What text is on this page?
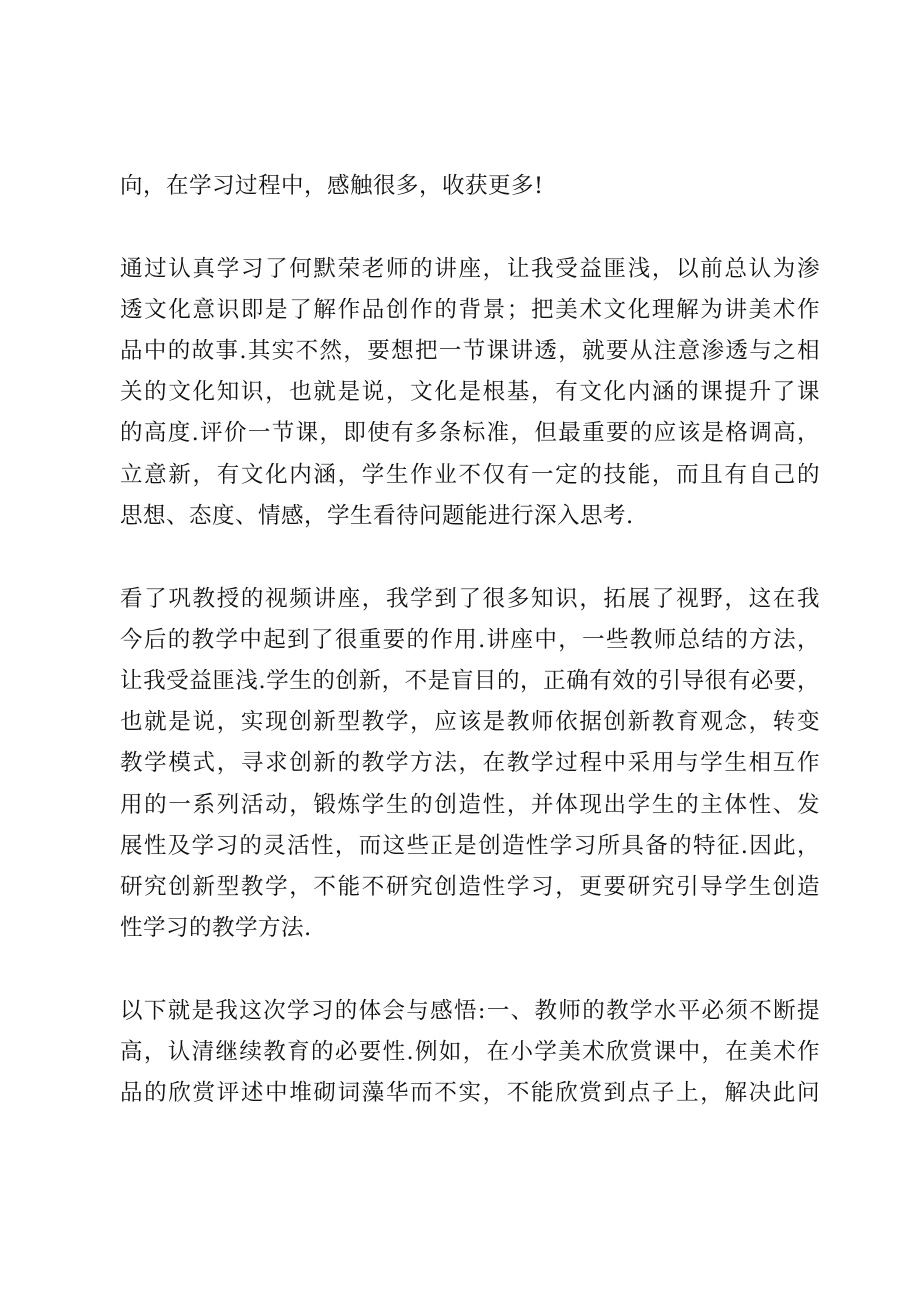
向，在学习过程中，感触很多，收获更多!
通过认真学习了何默荣老师的讲座，让我受益匪浅，以前总认为渗
透文化意识即是了解作品创作的背景；把美术文化理解为讲美术作
品中的故事.其实不然，要想把一节课讲透，就要从注意渗透与之相
关的文化知识，也就是说，文化是根基，有文化内涵的课提升了课
的高度.评价一节课，即使有多条标准，但最重要的应该是格调高，
立意新，有文化内涵，学生作业不仅有一定的技能，而且有自己的
思想、态度、情感，学生看待问题能进行深入思考.
看了巩教授的视频讲座，我学到了很多知识，拓展了视野，这在我
今后的教学中起到了很重要的作用.讲座中，一些教师总结的方法，
让我受益匪浅.学生的创新，不是盲目的，正确有效的引导很有必要，
也就是说，实现创新型教学，应该是教师依据创新教育观念，转变
教学模式，寻求创新的教学方法，在教学过程中采用与学生相互作
用的一系列活动，锻炼学生的创造性，并体现出学生的主体性、发
展性及学习的灵活性，而这些正是创造性学习所具备的特征.因此，
研究创新型教学，不能不研究创造性学习，更要研究引导学生创造
性学习的教学方法.
以下就是我这次学习的体会与感悟:一、教师的教学水平必须不断提
高，认清继续教育的必要性.例如，在小学美术欣赏课中，在美术作
品的欣赏评述中堆砌词藻华而不实，不能欣赏到点子上，解决此问
